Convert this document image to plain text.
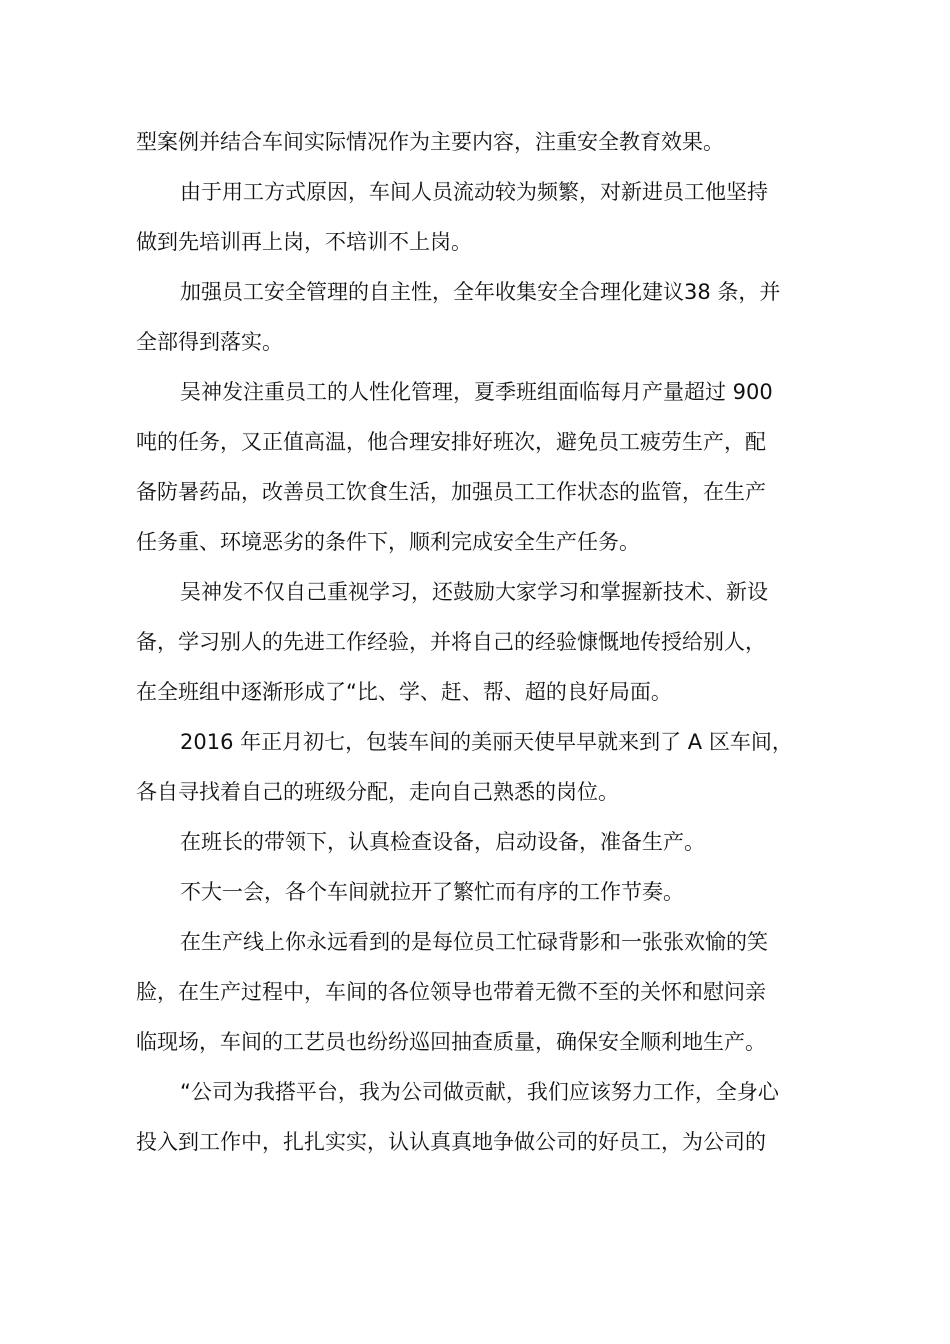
型案例并结合车间实际情况作为主要内容，注重安全教育效果。
由于用工方式原因，车间人员流动较为频繁，对新进员工他坚持
做到先培训再上岗，不培训不上岗。
加强员工安全管理的自主性，全年收集安全合理化建议38 条，并
全部得到落实。
吴神发注重员工的人性化管理，夏季班组面临每月产量超过 900
吨的任务，又正值高温，他合理安排好班次，避免员工疲劳生产，配
备防暑药品，改善员工饮食生活，加强员工工作状态的监管，在生产
任务重、环境恶劣的条件下，顺利完成安全生产任务。
吴神发不仅自己重视学习，还鼓励大家学习和掌握新技术、新设
备，学习别人的先进工作经验，并将自己的经验慷慨地传授给别人，
在全班组中逐渐形成了“比、学、赶、帮、超的良好局面。
2016 年正月初七，包装车间的美丽天使早早就来到了 A 区车间，
各自寻找着自己的班级分配，走向自己熟悉的岗位。
在班长的带领下，认真检查设备，启动设备，准备生产。
不大一会，各个车间就拉开了繁忙而有序的工作节奏。
在生产线上你永远看到的是每位员工忙碌背影和一张张欢愉的笑
脸，在生产过程中，车间的各位领导也带着无微不至的关怀和慰问亲
临现场，车间的工艺员也纷纷巡回抽查质量，确保安全顺利地生产。
“公司为我搭平台，我为公司做贡献，我们应该努力工作，全身心
投入到工作中，扎扎实实，认认真真地争做公司的好员工，为公司的
